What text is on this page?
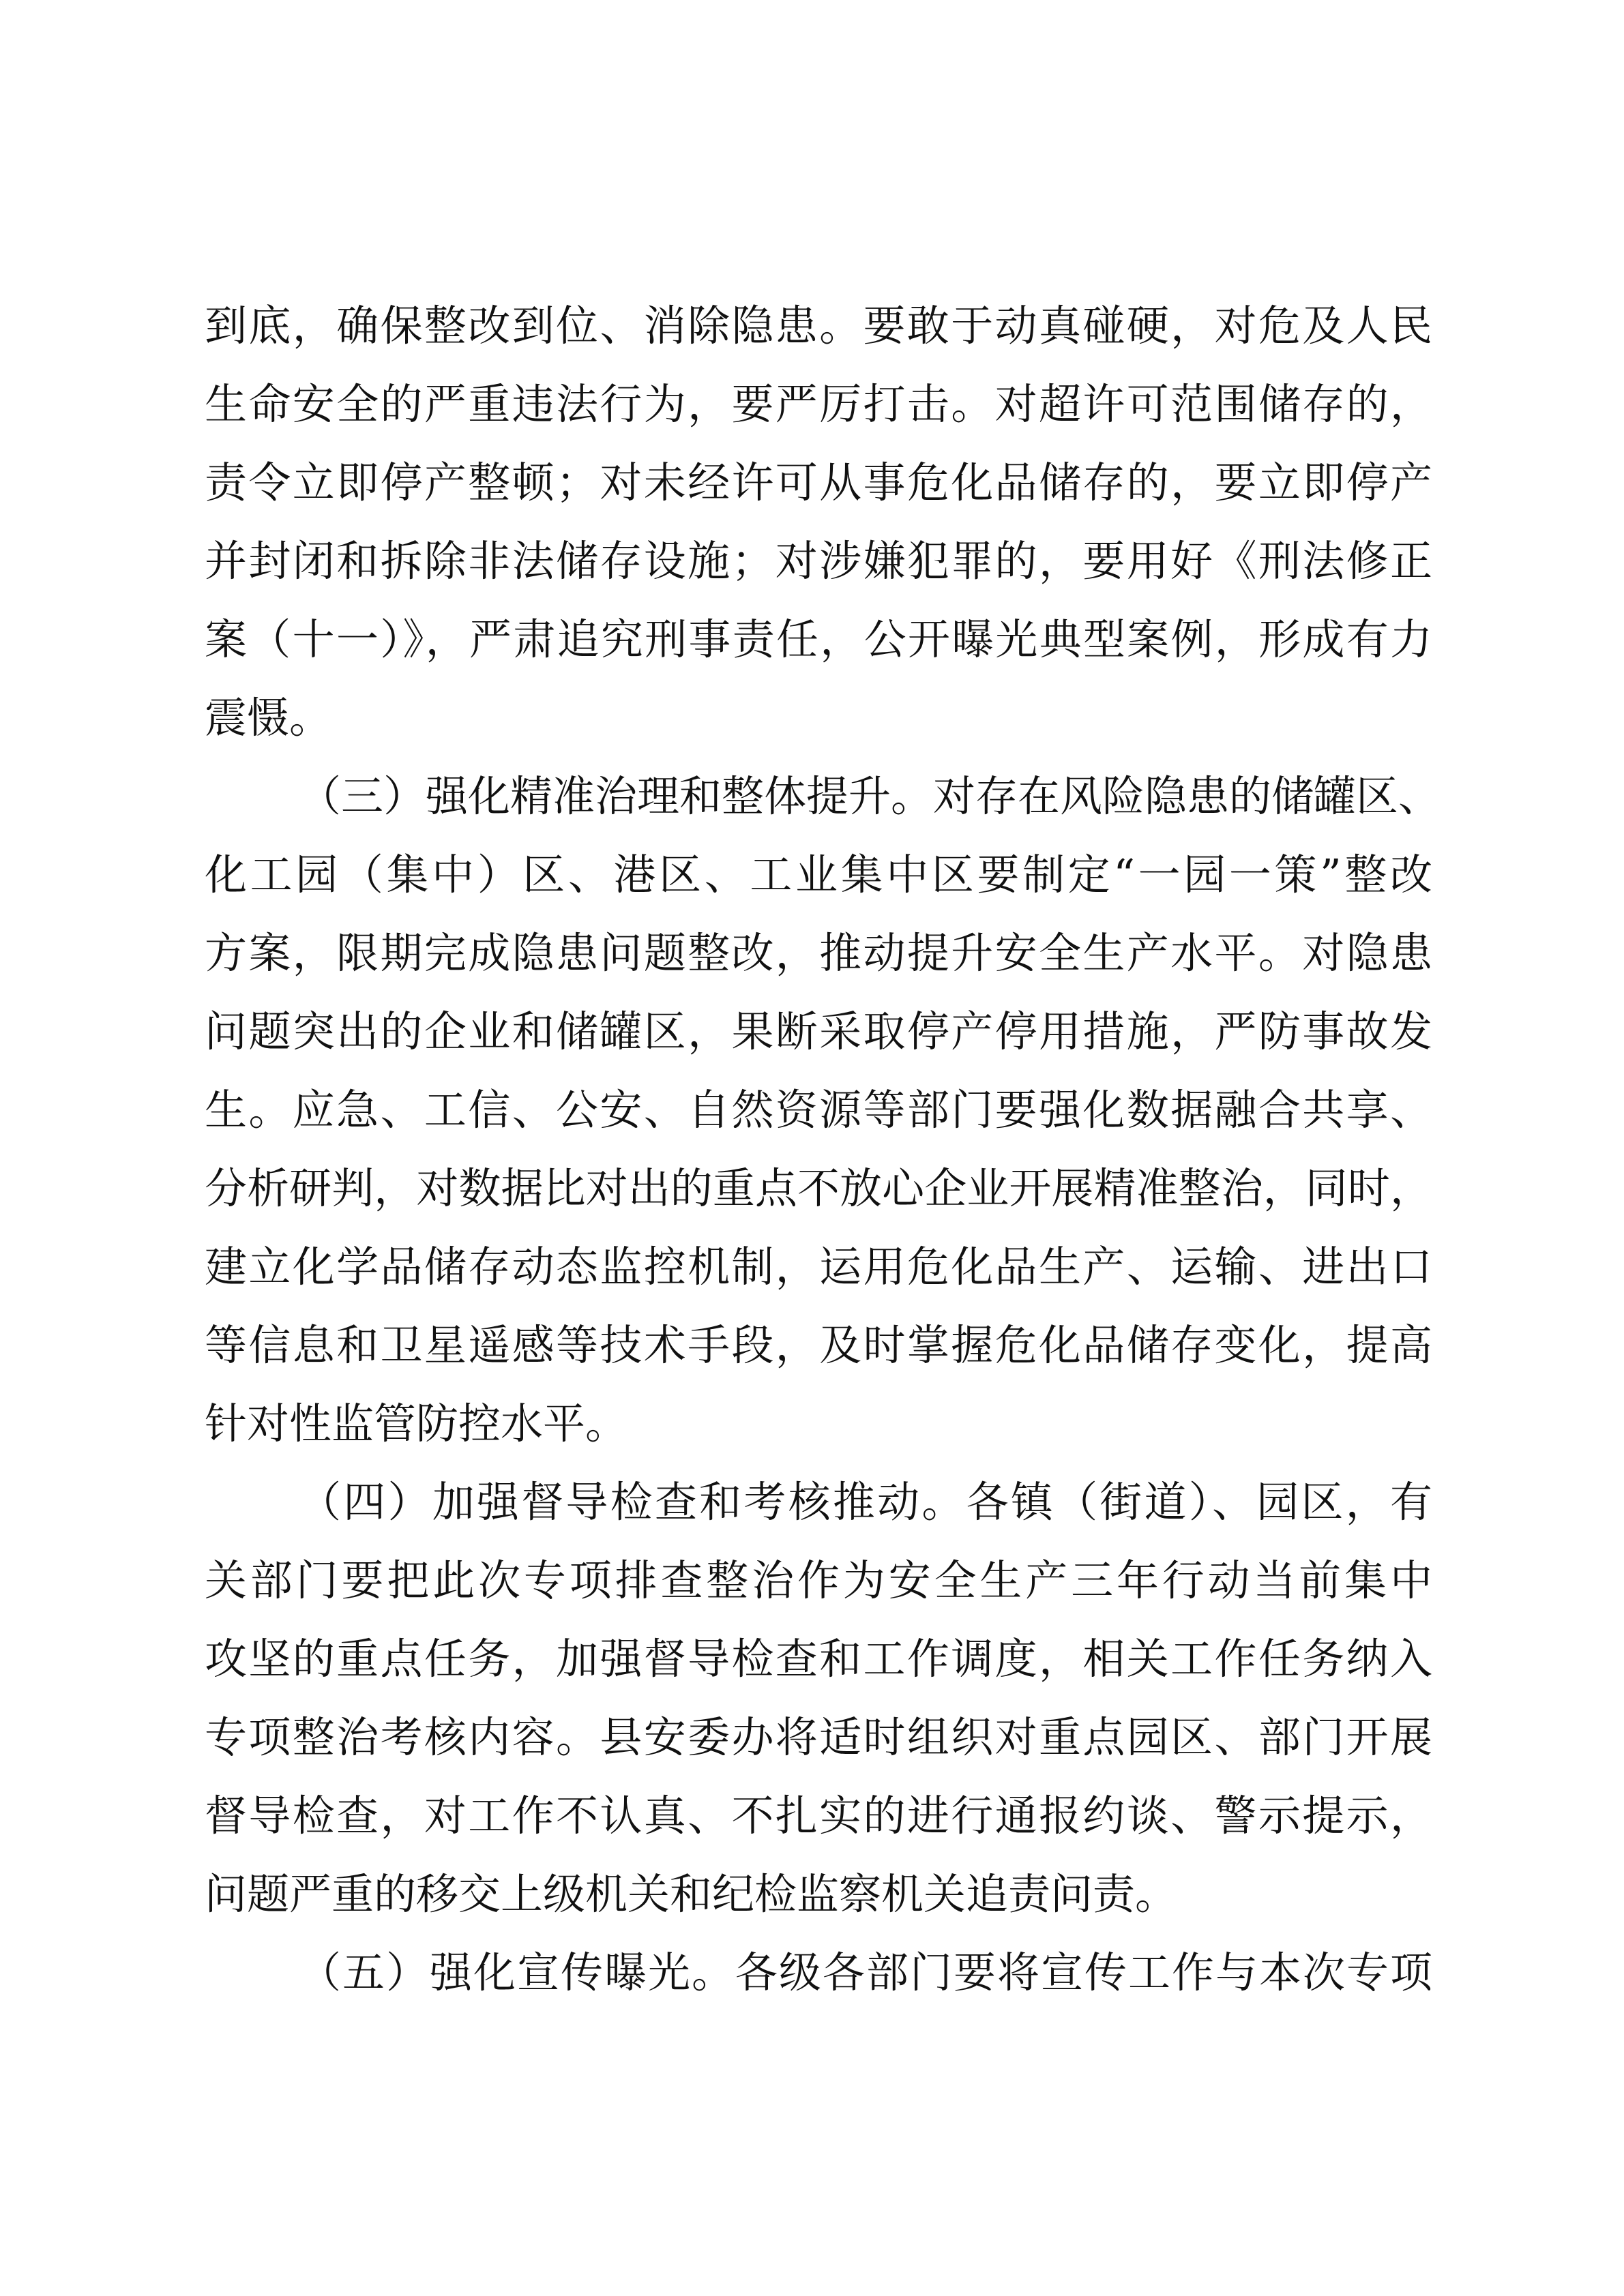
到底，确保整改到位、消除隐患。要敢于动真碰硬，对危及人民
生命安全的严重违法行为，要严厉打击。对超许可范围储存的，
责令立即停产整顿；对未经许可从事危化品储存的，要立即停产
并封闭和拆除非法储存设施；对涉嫌犯罪的，要用好《刑法修正
案（十一）》，严肃追究刑事责任，公开曝光典型案例，形成有力
震慑。
（三）强化精准治理和整体提升。对存在风险隐患的储罐区、
化工园（集中）区、港区、工业集中区要制定“一园一策”整改
方案，限期完成隐患问题整改，推动提升安全生产水平。对隐患
问题突出的企业和储罐区，果断采取停产停用措施，严防事故发
生。应急、工信、公安、自然资源等部门要强化数据融合共享、
分析研判，对数据比对出的重点不放心企业开展精准整治，同时，
建立化学品储存动态监控机制，运用危化品生产、运输、进出口
等信息和卫星遥感等技术手段，及时掌握危化品储存变化，提高
针对性监管防控水平。
（四）加强督导检查和考核推动。各镇（街道）、园区，有
关部门要把此次专项排查整治作为安全生产三年行动当前集中
攻坚的重点任务，加强督导检查和工作调度，相关工作任务纳入
专项整治考核内容。县安委办将适时组织对重点园区、部门开展
督导检查，对工作不认真、不扎实的进行通报约谈、警示提示，
问题严重的移交上级机关和纪检监察机关追责问责。
（五）强化宣传曝光。各级各部门要将宣传工作与本次专项
